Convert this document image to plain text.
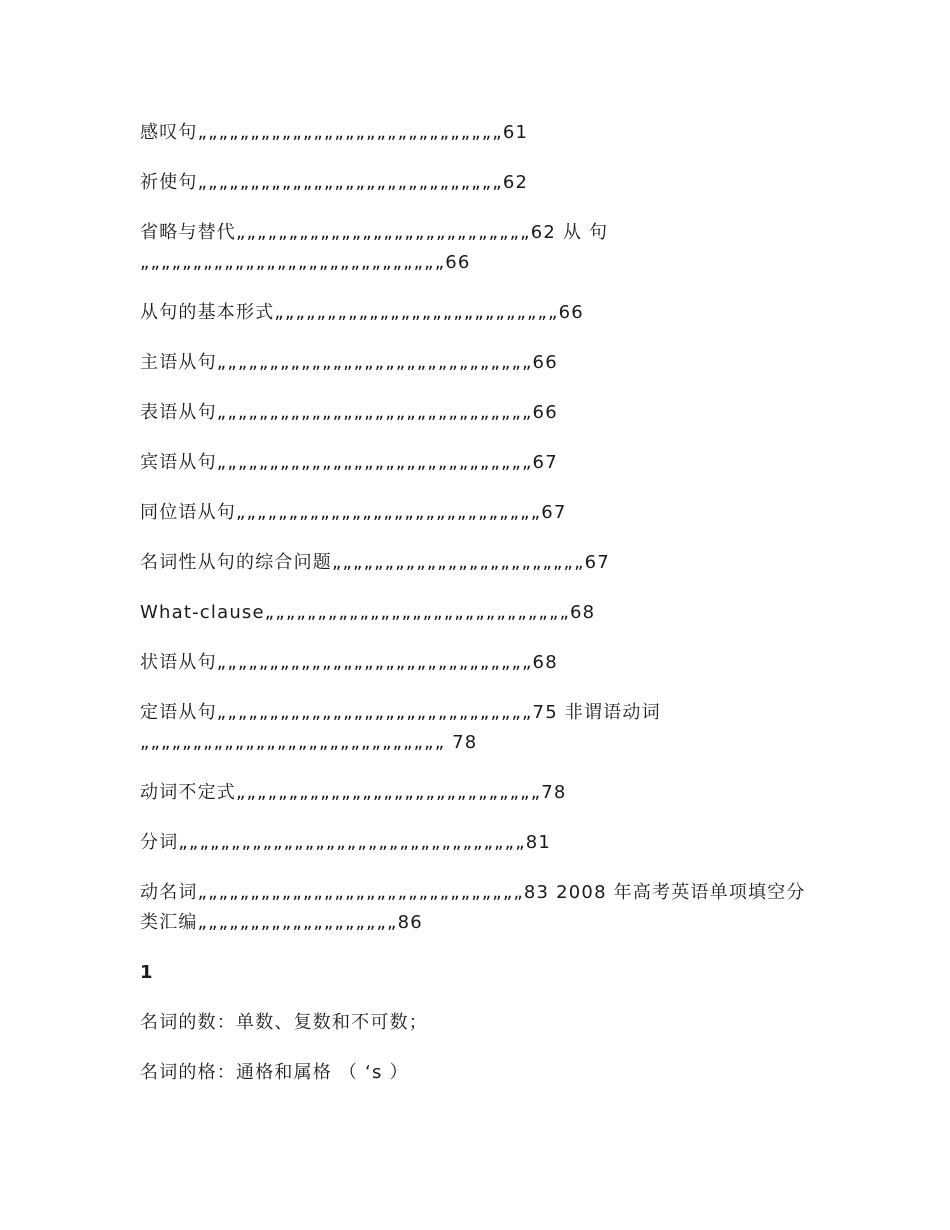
感叹句„„„„„„„„„„„„„„„„„„„„„„„„„„„„„61

祈使句„„„„„„„„„„„„„„„„„„„„„„„„„„„„„62

省略与替代„„„„„„„„„„„„„„„„„„„„„„„„„„„„62 从 句„„„„„„„„„„„„„„„„„„„„„„„„„„„„„66

从句的基本形式„„„„„„„„„„„„„„„„„„„„„„„„„„„66

主语从句„„„„„„„„„„„„„„„„„„„„„„„„„„„„„„66

表语从句„„„„„„„„„„„„„„„„„„„„„„„„„„„„„„66

宾语从句„„„„„„„„„„„„„„„„„„„„„„„„„„„„„„67

同位语从句„„„„„„„„„„„„„„„„„„„„„„„„„„„„„67

名词性从句的综合问题„„„„„„„„„„„„„„„„„„„„„„„„67

What-clause„„„„„„„„„„„„„„„„„„„„„„„„„„„„„68

状语从句„„„„„„„„„„„„„„„„„„„„„„„„„„„„„„68

定语从句„„„„„„„„„„„„„„„„„„„„„„„„„„„„„„75 非谓语动词„„„„„„„„„„„„„„„„„„„„„„„„„„„„„ 78

动词不定式„„„„„„„„„„„„„„„„„„„„„„„„„„„„„78

分词„„„„„„„„„„„„„„„„„„„„„„„„„„„„„„„„„81

动名词„„„„„„„„„„„„„„„„„„„„„„„„„„„„„„„83 2008 年高考英语单项填空分类汇编„„„„„„„„„„„„„„„„„„„86

1

名词的数：单数、复数和不可数；

名词的格：通格和属格 （ ‘s ）
